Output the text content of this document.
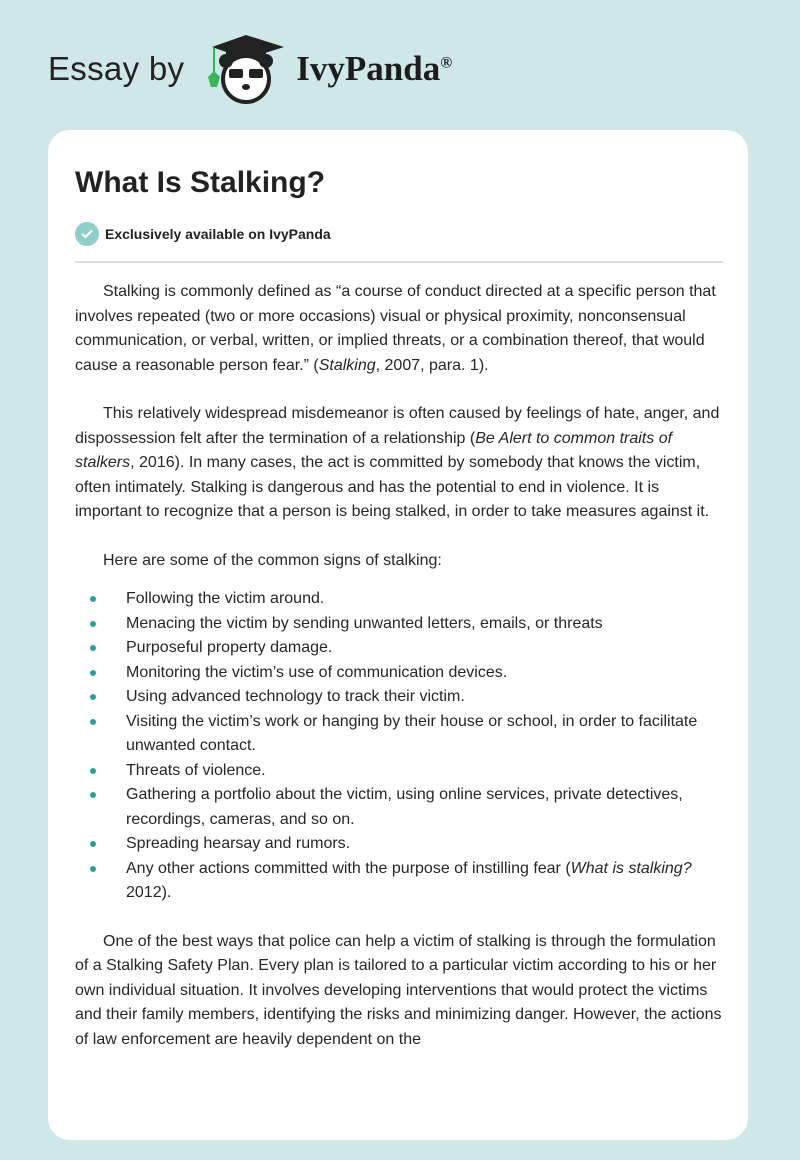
Essay by	IvyPanda®
What Is Stalking?
Exclusively available on IvyPanda

Stalking is commonly defined as “a course of conduct directed at a specific person that involves repeated (two or more occasions) visual or physical proximity, nonconsensual communication, or verbal, written, or implied threats, or a combination thereof, that would cause a reasonable person fear.” (Stalking, 2007, para. 1).

This relatively widespread misdemeanor is often caused by feelings of hate, anger, and dispossession felt after the termination of a relationship (Be Alert to common traits of stalkers, 2016). In many cases, the act is committed by somebody that knows the victim, often intimately. Stalking is dangerous and has the potential to end in violence. It is important to recognize that a person is being stalked, in order to take measures against it.

Here are some of the common signs of stalking:

Following the victim around.
Menacing the victim by sending unwanted letters, emails, or threats
Purposeful property damage.
Monitoring the victim’s use of communication devices.
Using advanced technology to track their victim.
Visiting the victim’s work or hanging by their house or school, in order to facilitate unwanted contact.
Threats of violence.
Gathering a portfolio about the victim, using online services, private detectives, recordings, cameras, and so on.
Spreading hearsay and rumors.
Any other actions committed with the purpose of instilling fear (What is stalking? 2012).

One of the best ways that police can help a victim of stalking is through the formulation of a Stalking Safety Plan. Every plan is tailored to a particular victim according to his or her own individual situation. It involves developing interventions that would protect the victims and their family members, identifying the risks and minimizing danger. However, the actions of law enforcement are heavily dependent on the
